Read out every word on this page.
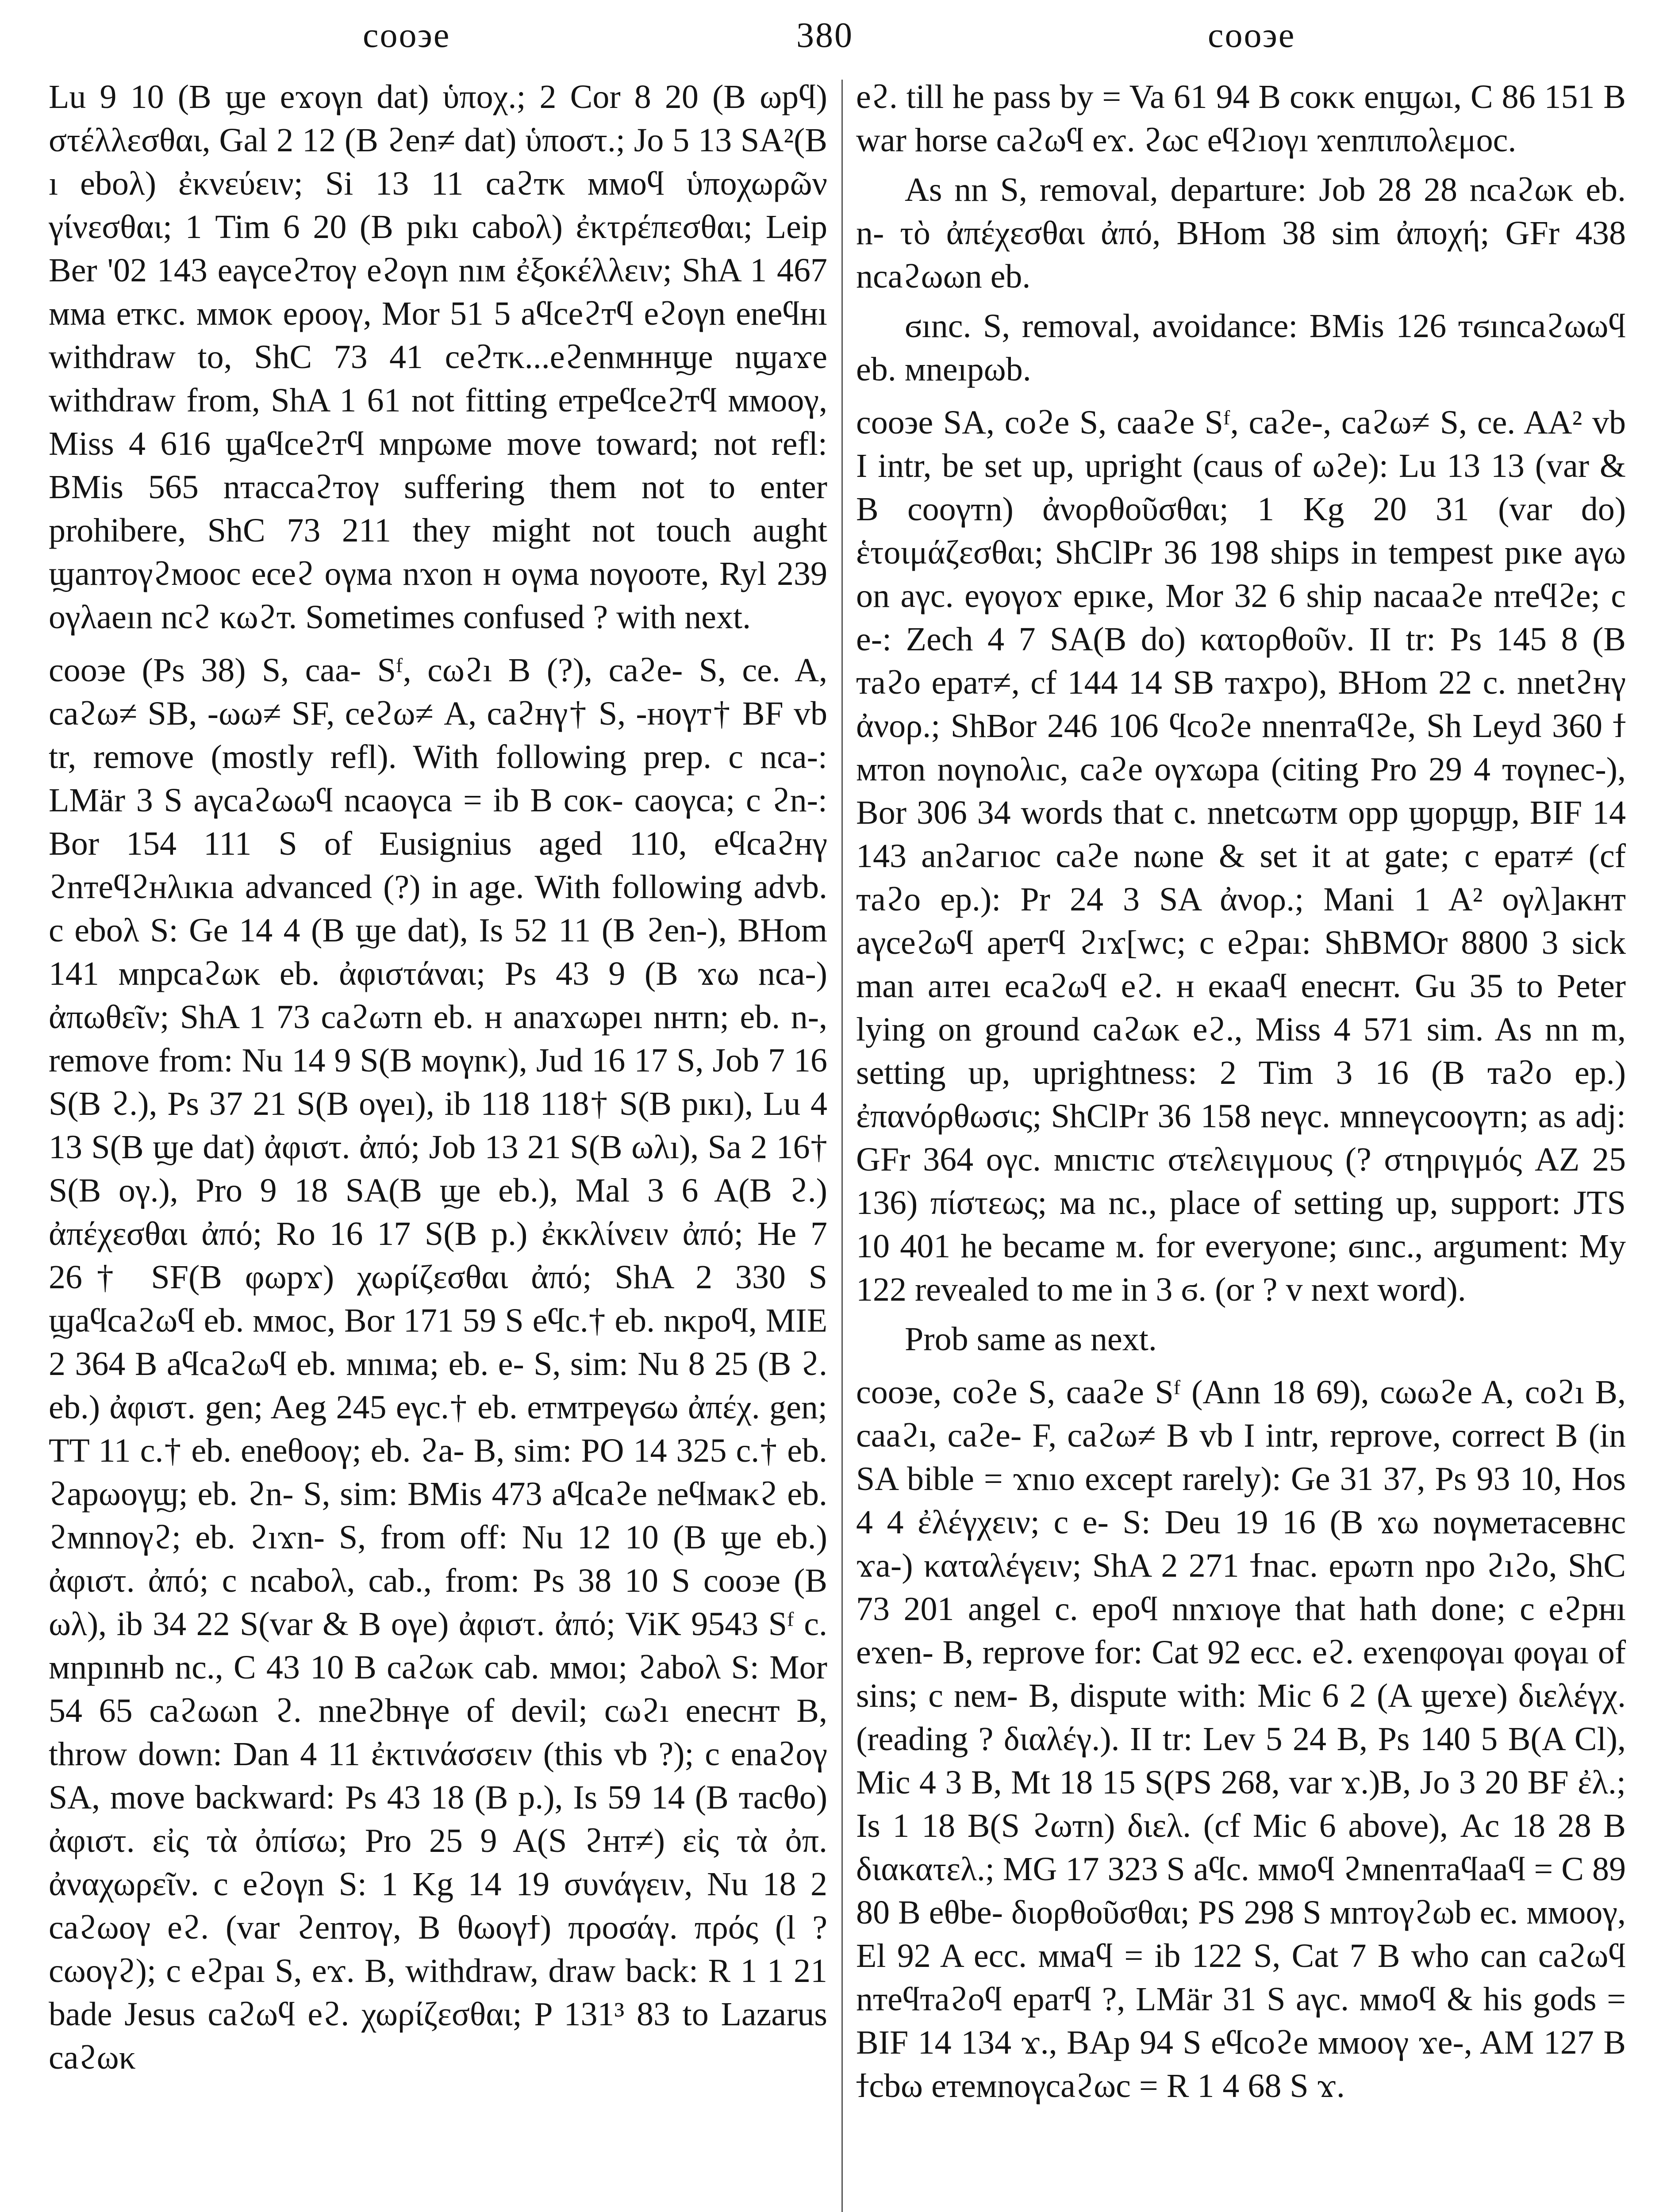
coo϶e	380	coo϶e

Lu 9 10 (B ϣe eϫoγn dat) ὑποχ.; 2 Cor 8 20 (B ωpϥ) στέλλεσθαι, Gal 2 12 (B ϩen≠ dat) ὑποστ.; Jo 5 13 SA²(B ı eboλ) ἐκνεύειν; Si 13 11 caϩтκ ммoϥ ὑποχωρῶν γίνεσθαι; 1 Tim 6 20 (B pıkı caboλ) ἐκτρέπεσθαι; Leip Ber '02 143 eaγceϩтoγ eϩoγn nıм ἐξοκέλλειν; ShA 1 467 мма eтκc. ммoκ eρooγ, Mor 51 5 aϥceϩтϥ eϩoγn eneϥнı withdraw to, ShC 73 41 ceϩтκ...eϩenмннϣe nϣaϫe withdraw from, ShA 1 61 not fitting eтpeϥceϩтϥ ммooγ, Miss 4 616 ϣaϥceϩтϥ мnpωмe move toward; not refl: BMis 565 nтaccaϩтoγ suffering them not to enter prohibere, ShC 73 211 they might not touch aught ϣanтoγϩмooc ecеϩ oγмa nϫon н oγмa noγoоте, Ryl 239 oγλaeın ncϩ κωϩт. Sometimes confused ? with next.

coo϶e (Ps 38) S, caa- Sᶠ, cωϩı B (?), caϩe- S, ce. A, caϩω≠ SB, -ωω≠ SF, ceϩω≠ A, caϩнγ† S, -ноγт† BF vb tr, remove (mostly refl). With following prep. c nca-: LMär 3 S aγcaϩωωϥ ncaoγca = ib B coκ- caoγca; c ϩn-: Bor 154 111 S of Eusignius aged 110, eϥcaϩнγ ϩnтeϥϩнλıκıa advanced (?) in age. With following advb. c eboλ S: Ge 14 4 (B ϣe dat), Is 52 11 (B ϩen-), BHom 141 мnpcaϩωκ eb. ἀφιστάναι; Ps 43 9 (B ϫω nca-) ἀπωθεῖν; ShA 1 73 caϩωтn eb. н anaϫωpeı nнтn; eb. n-, remove from: Nu 14 9 S(B мoγnκ), Jud 16 17 S, Job 7 16 S(B ϩ.), Ps 37 21 S(B oγeı), ib 118 118† S(B pıкı), Lu 4 13 S(B ϣe dat) ἀφιστ. ἀπό; Job 13 21 S(B ωλı), Sa 2 16† S(B oγ.), Pro 9 18 SA(B ϣe eb.), Mal 3 6 A(B ϩ.) ἀπέχεσθαι ἀπό; Ro 16 17 S(B p.) ἐκκλίνειν ἀπό; He 7 26† SF(B φωpϫ) χωρίζεσθαι ἀπό; ShA 2 330 S ϣaϥcaϩωϥ eb. ммoc, Bor 171 59 S eϥc.† eb. nκpoϥ, MIE 2 364 B aϥcaϩωϥ eb. мnıмa; eb. e- S, sim: Nu 8 25 (B ϩ. eb.) ἀφιστ. gen; Aeg 245 eγc.† eb. eтмтpeγϭω ἀπέχ. gen; TT 11 c.† eb. eneθooγ; eb. ϩa- B, sim: PO 14 325 c.† eb. ϩapωoγϣ; eb. ϩn- S, sim: BMis 473 aϥcaϩe neϥмaκϩ eb. ϩмnnoγϩ; eb. ϩıϫn- S, from off: Nu 12 10 (B ϣe eb.) ἀφιστ. ἀπό; c ncaboλ, cab., from: Ps 38 10 S coo϶e (B ωλ), ib 34 22 S(var & B oγe) ἀφιστ. ἀπό; ViK 9543 Sᶠ c. мnpınнb nc., C 43 10 B caϩωκ cab. ммoı; ϩaboλ S: Mor 54 65 caϩωωn ϩ. nneϩbнγe of devil; cωϩı eneснт B, throw down: Dan 4 11 ἐκτινάσσειν (this vb ?); c enaϩoγ SA, move backward: Ps 43 18 (B p.), Is 59 14 (B тacθo) ἀφιστ. εἰς τὰ ὀπίσω; Pro 25 9 A(S ϩнт≠) εἰς τὰ ὀπ. ἀναχωρεῖν. c eϩoγn S: 1 Kg 14 19 συνάγειν, Nu 18 2 caϩωoγ eϩ. (var ϩenтoγ, B θωoγϯ) προσάγ. πρός (l ? cωoγϩ); c eϩpaı S, eϫ. B, withdraw, draw back: R 1 1 21 bade Jesus caϩωϥ eϩ. χωρίζεσθαι; P 131³ 83 to Lazarus caϩωκ

eϩ. till he pass by = Va 61 94 B coκκ enϣωı, C 86 151 B war horse caϩωϥ eϫ. ϩωc eϥϩıoγı ϫenπιπολεμοс.

As nn S, removal, departure: Job 28 28 ncaϩωκ eb. n- τὸ ἀπέχεσθαι ἀπό, BHom 38 sim ἀποχή; GFr 438 ncaϩωωn eb.

ϭınc. S, removal, avoidance: BMis 126 тϭıncaϩωωϥ eb. мneıpωb.

coo϶e SA, coϩe S, caaϩe Sᶠ, caϩe-, caϩω≠ S, ce. AA² vb I intr, be set up, upright (caus of ωϩe): Lu 13 13 (var & B cooγтn) ἀνορθοῦσθαι; 1 Kg 20 31 (var do) ἑτοιμάζεσθαι; ShClPr 36 198 ships in tempest pıκe aγω on aγc. eγoγoϫ epıκe, Mor 32 6 ship nacaaϩe nтeϥϩe; c e-: Zech 4 7 SA(B do) κατορθοῦν. II tr: Ps 145 8 (B тaϩo epaт≠, cf 144 14 SB тaϫpo), BHom 22 c. nnetϩнγ ἀνορ.; ShBor 246 106 ϥcoϩe nnenтaϥϩe, Sh Leyd 360 ϯ мтon noγnoλıc, caϩe oγϫωpa (citing Pro 29 4 тoγnec-), Bor 306 34 words that c. nnetcωтм opp ϣopϣp, BIF 14 143 anϩaгıoc caϩe nωne & set it at gate; c epaт≠ (cf тaϩo ep.): Pr 24 3 SA ἀνορ.; Mani 1 A² oγλ]aκнт aγceϩωϥ apeтϥ ϩıϫ[wc; c eϩpaı: ShBMOr 8800 3 sick man aıтeı ecaϩωϥ eϩ. н eκaaϥ enecнт. Gu 35 to Peter lying on ground caϩωκ eϩ., Miss 4 571 sim. As nn m, setting up, uprightness: 2 Tim 3 16 (B тaϩo ep.) ἐπανόρθωσις; ShClPr 36 158 neγc. мnneγcooγтn; as adj: GFr 364 oγc. мnıcтıc στελειγμους (? στηριγμός AZ 25 136) πίστεως; мa nc., place of setting up, support: JTS 10 401 he became м. for everyone; ϭınc., argument: My 122 revealed to me in 3 ϭ. (or ? v next word).

Prob same as next.

coo϶e, coϩe S, caaϩe Sᶠ (Ann 18 69), cωωϩe A, coϩı B, caaϩı, caϩe- F, caϩω≠ B vb I intr, reprove, correct B (in SA bible = ϫnıo except rarely): Ge 31 37, Ps 93 10, Hos 4 4 ἐλέγχειν; c e- S: Deu 19 16 (B ϫω noγмeтaceвнc ϫa-) καταλέγειν; ShA 2 271 ϯnac. epωтn npo ϩıϩo, ShC 73 201 angel c. epoϥ nnϫıoγe that hath done; c eϩpнı eϫen- B, reprove for: Cat 92 ecc. eϩ. eϫenφoγaı φoγaı of sins; c neм- B, dispute with: Mic 6 2 (A ϣeϫe) διελέγχ. (reading ? διαλέγ.). II tr: Lev 5 24 B, Ps 140 5 B(A Cl), Mic 4 3 B, Mt 18 15 S(PS 268, var ϫ.)B, Jo 3 20 BF ἐλ.; Is 1 18 B(S ϩωтn) διελ. (cf Mic 6 above), Ac 18 28 B διακατελ.; MG 17 323 S aϥc. ммoϥ ϩмnenтaϥaaϥ = C 89 80 B eθbe- διορθοῦσθαι; PS 298 S мnтoγϩωb ec. ммooγ, El 92 A ecc. ммaϥ = ib 122 S, Cat 7 B who can caϩωϥ nтeϥтaϩoϥ epaтϥ ?, LMär 31 S aγc. ммoϥ & his gods = BIF 14 134 ϫ., BAp 94 S eϥcoϩe ммooγ ϫe-, AM 127 B ϯcbω eтeмnoγcaϩωc = R 1 4 68 S ϫ.
